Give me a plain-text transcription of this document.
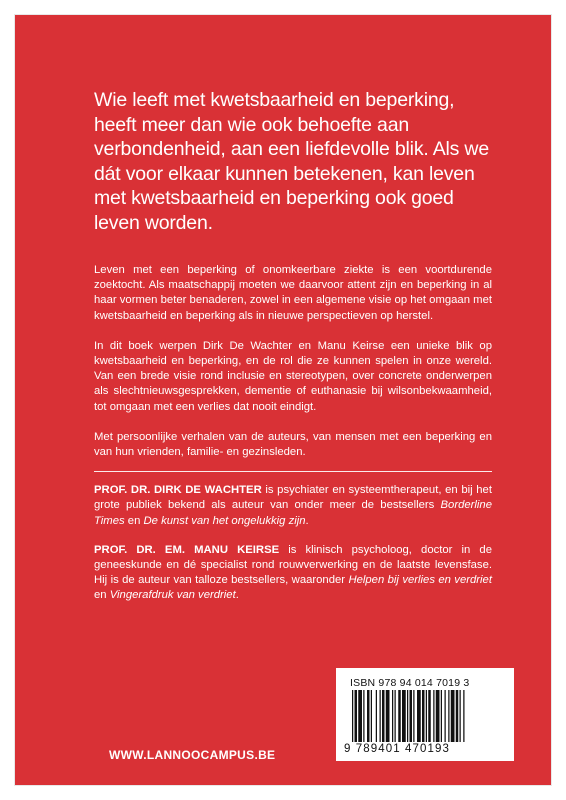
Wie leeft met kwetsbaarheid en beperking, heeft meer dan wie ook behoefte aan verbondenheid, aan een liefdevolle blik. Als we dát voor elkaar kunnen betekenen, kan leven met kwetsbaarheid en beperking ook goed leven worden.

Leven met een beperking of onomkeerbare ziekte is een voortdurende zoektocht. Als maatschappij moeten we daarvoor attent zijn en beperking in al haar vormen beter benaderen, zowel in een algemene visie op het omgaan met kwetsbaarheid en beperking als in nieuwe perspectieven op herstel.

In dit boek werpen Dirk De Wachter en Manu Keirse een unieke blik op kwetsbaarheid en beperking, en de rol die ze kunnen spelen in onze wereld. Van een brede visie rond inclusie en stereotypen, over concrete onderwerpen als slechtnieuwsgesprekken, dementie of euthanasie bij wilsonbekwaamheid, tot omgaan met een verlies dat nooit eindigt.

Met persoonlijke verhalen van de auteurs, van mensen met een beperking en van hun vrienden, familie- en gezinsleden.

PROF. DR. DIRK DE WACHTER is psychiater en systeemtherapeut, en bij het grote publiek bekend als auteur van onder meer de bestsellers Borderline Times en De kunst van het ongelukkig zijn.

PROF. DR. EM. MANU KEIRSE is klinisch psycholoog, doctor in de geneeskunde en dé specialist rond rouwverwerking en de laatste levensfase. Hij is de auteur van talloze bestsellers, waaronder Helpen bij verlies en verdriet en Vingerafdruk van verdriet.

ISBN 978 94 014 7019 3
9 789401 470193
WWW.LANNOOCAMPUS.BE
